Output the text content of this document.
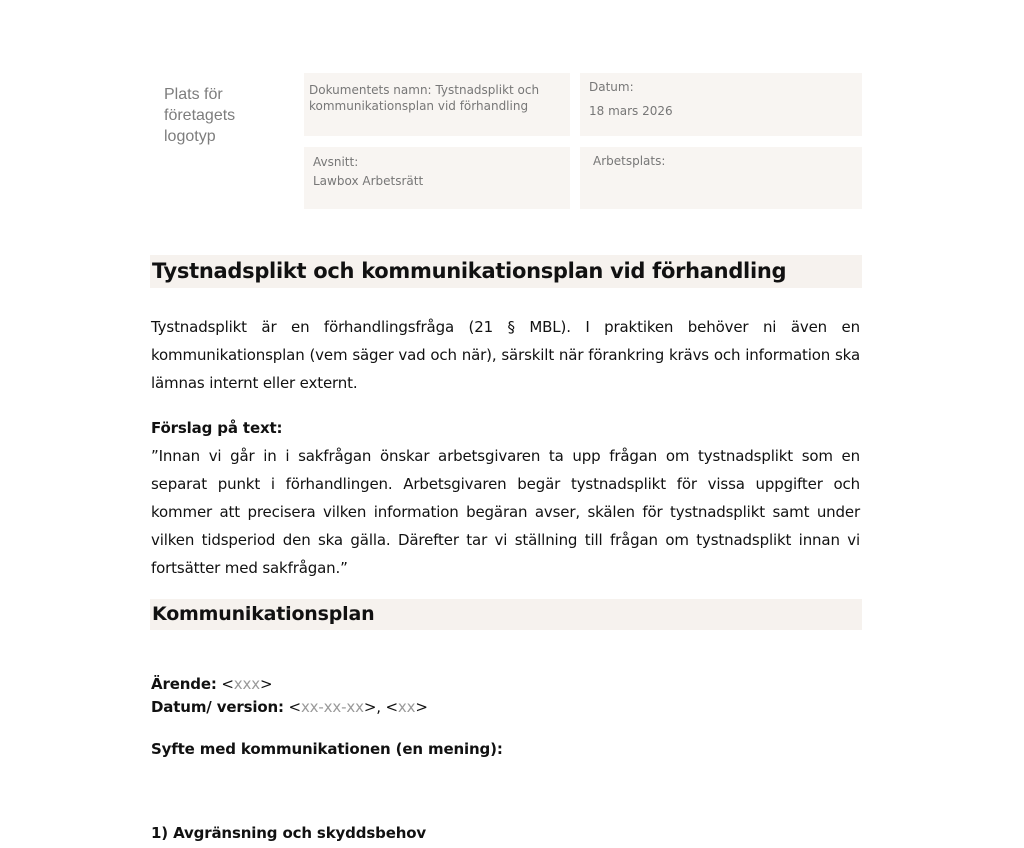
Plats för företagets logotyp
Dokumentets namn: Tystnadsplikt och kommunikationsplan vid förhandling
Datum:
18 mars 2026
Avsnitt:
Lawbox Arbetsrätt
Arbetsplats:
Tystnadsplikt och kommunikationsplan vid förhandling

Tystnadsplikt är en förhandlingsfråga (21 § MBL). I praktiken behöver ni även en kommunikationsplan (vem säger vad och när), särskilt när förankring krävs och information ska lämnas internt eller externt.

Förslag på text:
”Innan vi går in i sakfrågan önskar arbetsgivaren ta upp frågan om tystnadsplikt som en separat punkt i förhandlingen. Arbetsgivaren begär tystnadsplikt för vissa uppgifter och kommer att precisera vilken information begäran avser, skälen för tystnadsplikt samt under vilken tidsperiod den ska gälla. Därefter tar vi ställning till frågan om tystnadsplikt innan vi fortsätter med sakfrågan.”
Kommunikationsplan
Ärende: <xxx>
Datum/ version: <xx-xx-xx>, <xx>
Syfte med kommunikationen (en mening):
1) Avgränsning och skyddsbehov
